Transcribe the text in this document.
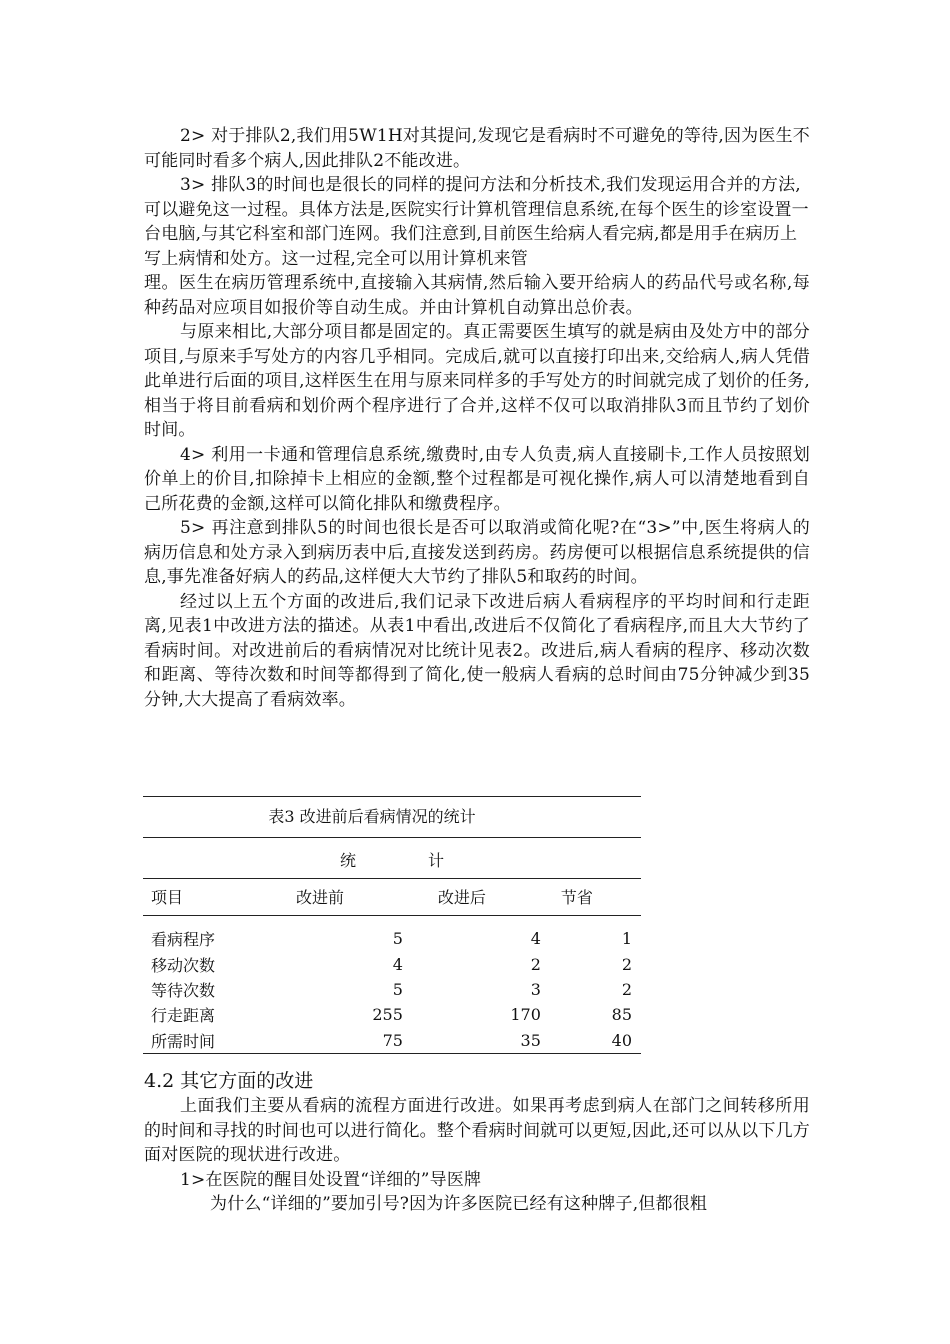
2> 对于排队2,我们用5W1H对其提问,发现它是看病时不可避免的等待,因为医生不可能同时看多个病人,因此排队2不能改进。

3> 排队3的时间也是很长的同样的提问方法和分析技术,我们发现运用合并的方法,可以避免这一过程。具体方法是,医院实行计算机管理信息系统,在每个医生的诊室设置一台电脑,与其它科室和部门连网。我们注意到,目前医生给病人看完病,都是用手在病历上写上病情和处方。这一过程,完全可以用计算机来管

理。医生在病历管理系统中,直接输入其病情,然后输入要开给病人的药品代号或名称,每种药品对应项目如报价等自动生成。并由计算机自动算出总价表。

与原来相比,大部分项目都是固定的。真正需要医生填写的就是病由及处方中的部分项目,与原来手写处方的内容几乎相同。完成后,就可以直接打印出来,交给病人,病人凭借此单进行后面的项目,这样医生在用与原来同样多的手写处方的时间就完成了划价的任务,相当于将目前看病和划价两个程序进行了合并,这样不仅可以取消排队3而且节约了划价时间。

4> 利用一卡通和管理信息系统,缴费时,由专人负责,病人直接刷卡,工作人员按照划价单上的价目,扣除掉卡上相应的金额,整个过程都是可视化操作,病人可以清楚地看到自己所花费的金额,这样可以简化排队和缴费程序。

5> 再注意到排队5的时间也很长是否可以取消或简化呢?在“3>”中,医生将病人的病历信息和处方录入到病历表中后,直接发送到药房。药房便可以根据信息系统提供的信息,事先准备好病人的药品,这样便大大节约了排队5和取药的时间。

经过以上五个方面的改进后,我们记录下改进后病人看病程序的平均时间和行走距离,见表1中改进方法的描述。从表1中看出,改进后不仅简化了看病程序,而且大大节约了看病时间。对改进前后的看病情况对比统计见表2。改进后,病人看病的程序、移动次数和距离、等待次数和时间等都得到了简化,使一般病人看病的总时间由75分钟减少到35分钟,大大提高了看病效率。

表3 改进前后看病情况的统计
统	计
项目	改进前	改进后	节省
看病程序	5	4	1
移动次数	4	2	2
等待次数	5	3	2
行走距离	255	170	85
所需时间	75	35	40
4.2 其它方面的改进

上面我们主要从看病的流程方面进行改进。如果再考虑到病人在部门之间转移所用的时间和寻找的时间也可以进行简化。整个看病时间就可以更短,因此,还可以从以下几方面对医院的现状进行改进。

1>在医院的醒目处设置“详细的”导医牌

为什么“详细的”要加引号?因为许多医院已经有这种牌子,但都很粗
